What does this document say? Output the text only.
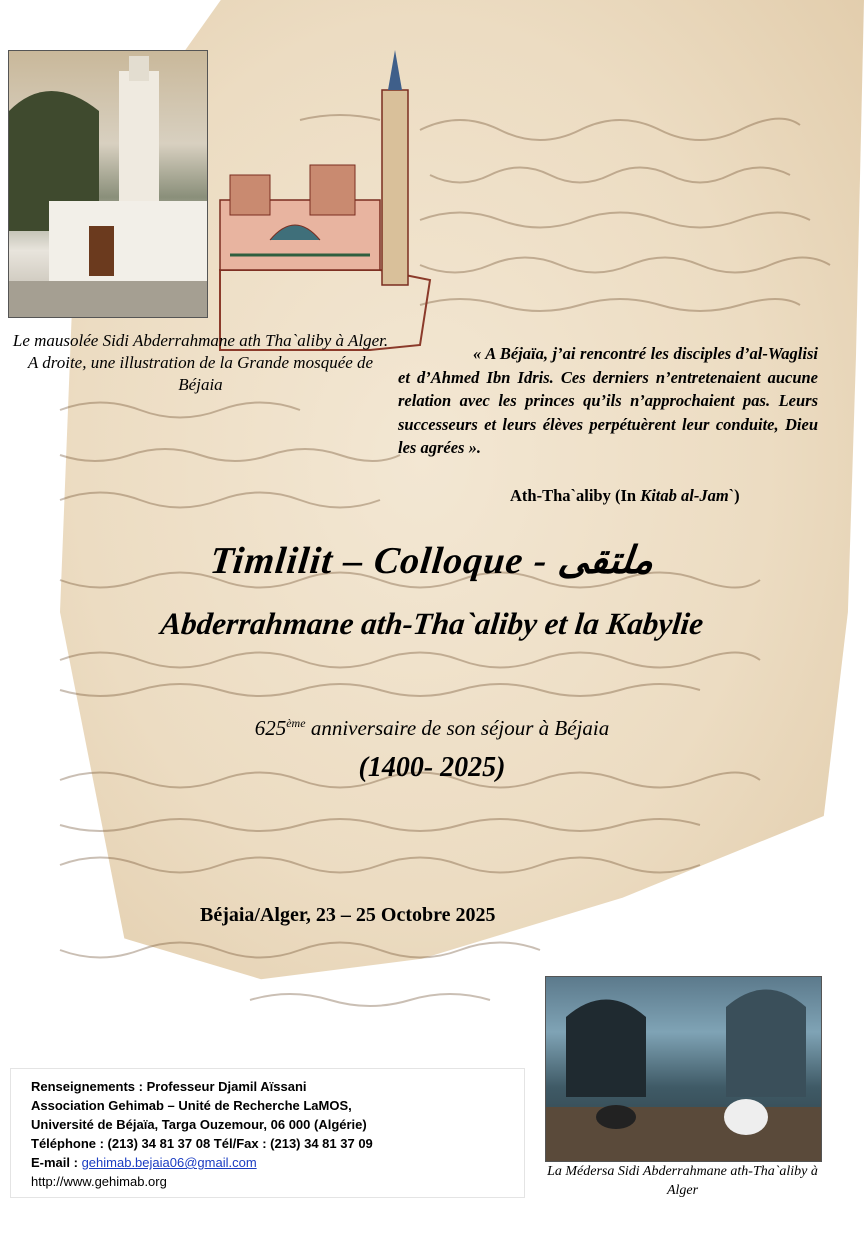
Le mausolée Sidi Abderrahmane ath Tha`aliby à Alger. A droite, une illustration de la Grande mosquée de Béjaia
« A Béjaïa, j’ai rencontré les disciples d’al-Waglisi et d’Ahmed Ibn Idris. Ces derniers n’entretenaient aucune relation avec les princes qu’ils n’approchaient pas. Leurs successeurs et leurs élèves perpétuèrent leur conduite, Dieu les agrées ».
Ath-Tha`aliby (In Kitab al-Jam`)
Timlilit – Colloque - ملتقى
Abderrahmane ath-Tha`aliby et la Kabylie
625ème anniversaire de son séjour à Béjaia
(1400- 2025)
Béjaia/Alger, 23 – 25 Octobre 2025
Renseignements : Professeur Djamil Aïssani
Association Gehimab – Unité de Recherche LaMOS,
Université de Béjaïa, Targa Ouzemour, 06 000 (Algérie)
Téléphone : (213) 34 81 37 08 Tél/Fax : (213) 34 81 37 09
E-mail : gehimab.bejaia06@gmail.com
http://www.gehimab.org
La Médersa Sidi Abderrahmane ath-Tha`aliby à Alger
